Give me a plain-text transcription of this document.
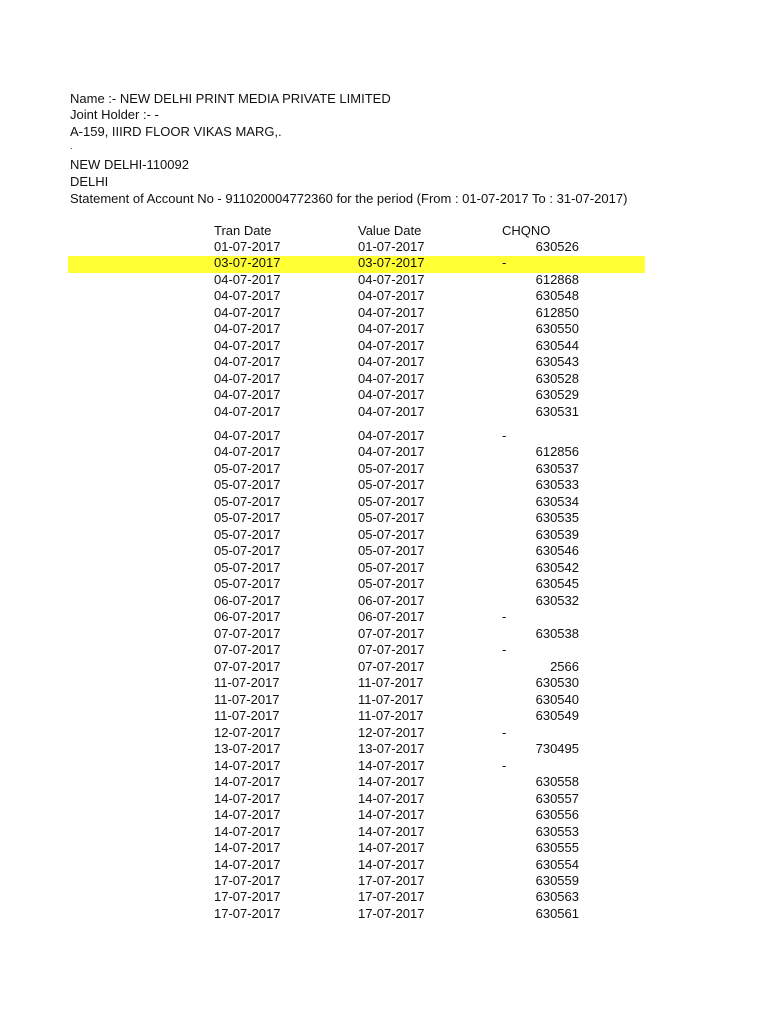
Name :- NEW DELHI PRINT MEDIA PRIVATE LIMITED
Joint Holder :- -
A-159, IIIRD FLOOR VIKAS MARG,.
.
NEW DELHI-110092
DELHI
Statement of Account No - 911020004772360 for the period (From : 01-07-2017 To : 31-07-2017)
Tran Date	Value Date	CHQNO
01-07-2017	01-07-2017	630526
03-07-2017	03-07-2017	-
04-07-2017	04-07-2017	612868
04-07-2017	04-07-2017	630548
04-07-2017	04-07-2017	612850
04-07-2017	04-07-2017	630550
04-07-2017	04-07-2017	630544
04-07-2017	04-07-2017	630543
04-07-2017	04-07-2017	630528
04-07-2017	04-07-2017	630529
04-07-2017	04-07-2017	630531
04-07-2017	04-07-2017	-
04-07-2017	04-07-2017	612856
05-07-2017	05-07-2017	630537
05-07-2017	05-07-2017	630533
05-07-2017	05-07-2017	630534
05-07-2017	05-07-2017	630535
05-07-2017	05-07-2017	630539
05-07-2017	05-07-2017	630546
05-07-2017	05-07-2017	630542
05-07-2017	05-07-2017	630545
06-07-2017	06-07-2017	630532
06-07-2017	06-07-2017	-
07-07-2017	07-07-2017	630538
07-07-2017	07-07-2017	-
07-07-2017	07-07-2017	2566
11-07-2017	11-07-2017	630530
11-07-2017	11-07-2017	630540
11-07-2017	11-07-2017	630549
12-07-2017	12-07-2017	-
13-07-2017	13-07-2017	730495
14-07-2017	14-07-2017	-
14-07-2017	14-07-2017	630558
14-07-2017	14-07-2017	630557
14-07-2017	14-07-2017	630556
14-07-2017	14-07-2017	630553
14-07-2017	14-07-2017	630555
14-07-2017	14-07-2017	630554
17-07-2017	17-07-2017	630559
17-07-2017	17-07-2017	630563
17-07-2017	17-07-2017	630561
